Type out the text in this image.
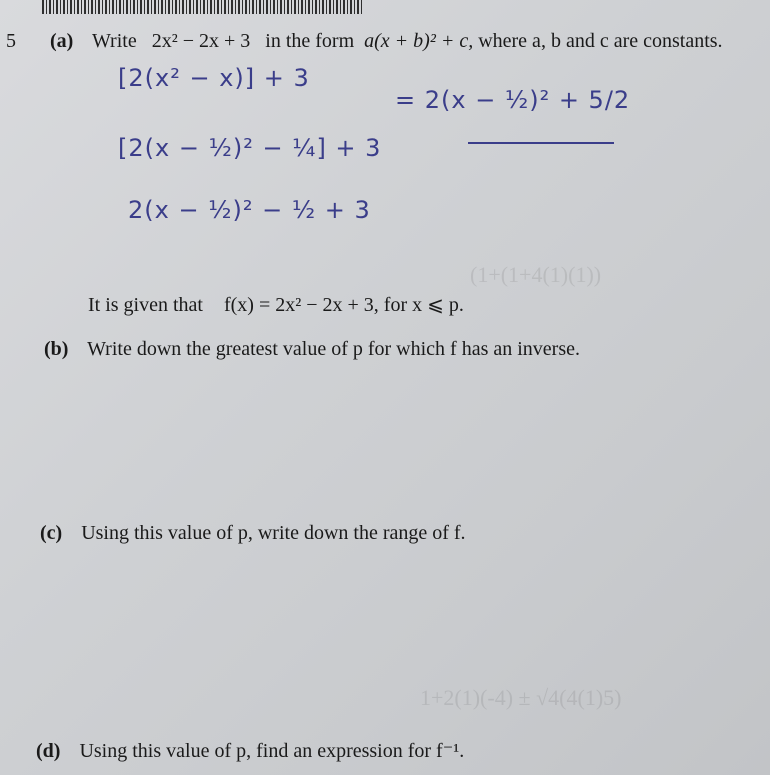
5 (a) Write 2x² − 2x + 3 in the form a(x + b)² + c, where a, b and c are constants.
[2(x² − x)] + 3
[2(x − ½)² − ¼] + 3
2(x − ½)² − ½ + 3
= 2(x − ½)² + 5/2
(1+(1+4(1)(1))
1+2(1)(-4) ± √4(4(1)5)
It is given that f(x) = 2x² − 2x + 3, for x ⩽ p.
(b) Write down the greatest value of p for which f has an inverse.
(c) Using this value of p, write down the range of f.
(d) Using this value of p, find an expression for f⁻¹.
